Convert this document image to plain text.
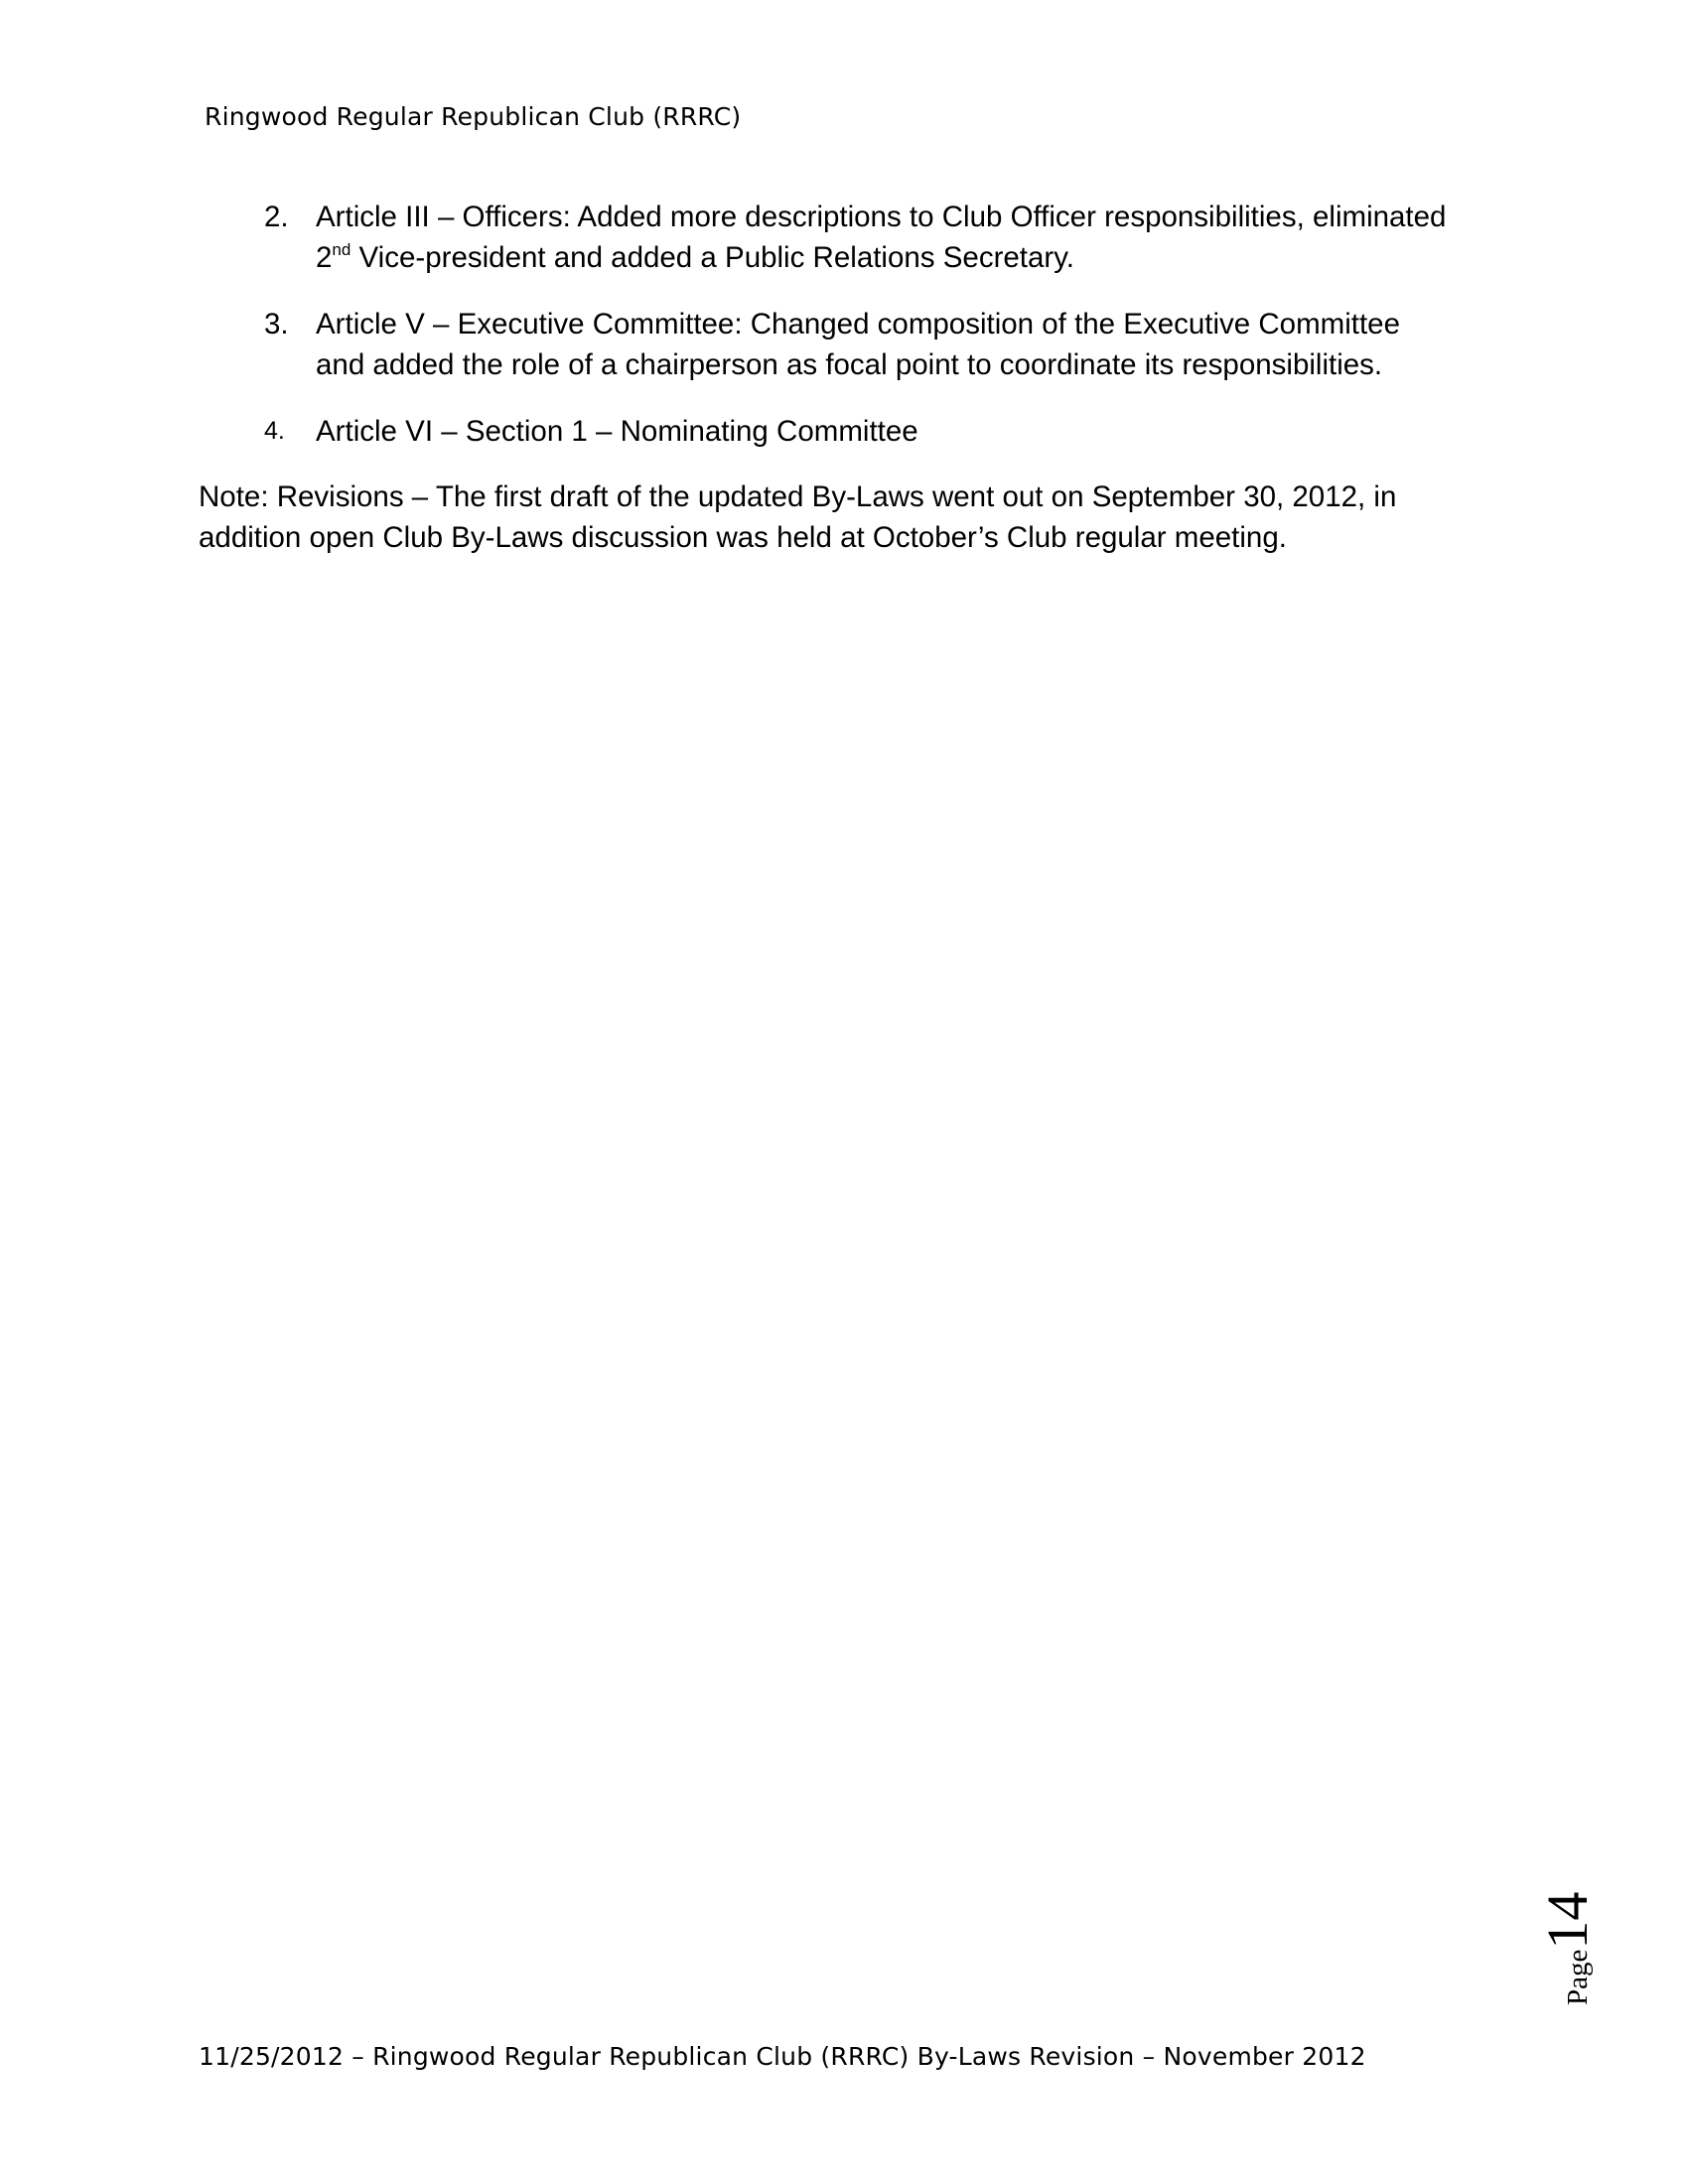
Ringwood Regular Republican Club (RRRC)
2. Article III – Officers: Added more descriptions to Club Officer responsibilities, eliminated 2nd Vice-president and added a Public Relations Secretary.
3. Article V – Executive Committee: Changed composition of the Executive Committee and added the role of a chairperson as focal point to coordinate its responsibilities.
4. Article VI – Section 1 – Nominating Committee

Note: Revisions – The first draft of the updated By-Laws went out on September 30, 2012, in addition open Club By-Laws discussion was held at October’s Club regular meeting.

Page14
11/25/2012 – Ringwood Regular Republican Club (RRRC) By-Laws Revision – November 2012
